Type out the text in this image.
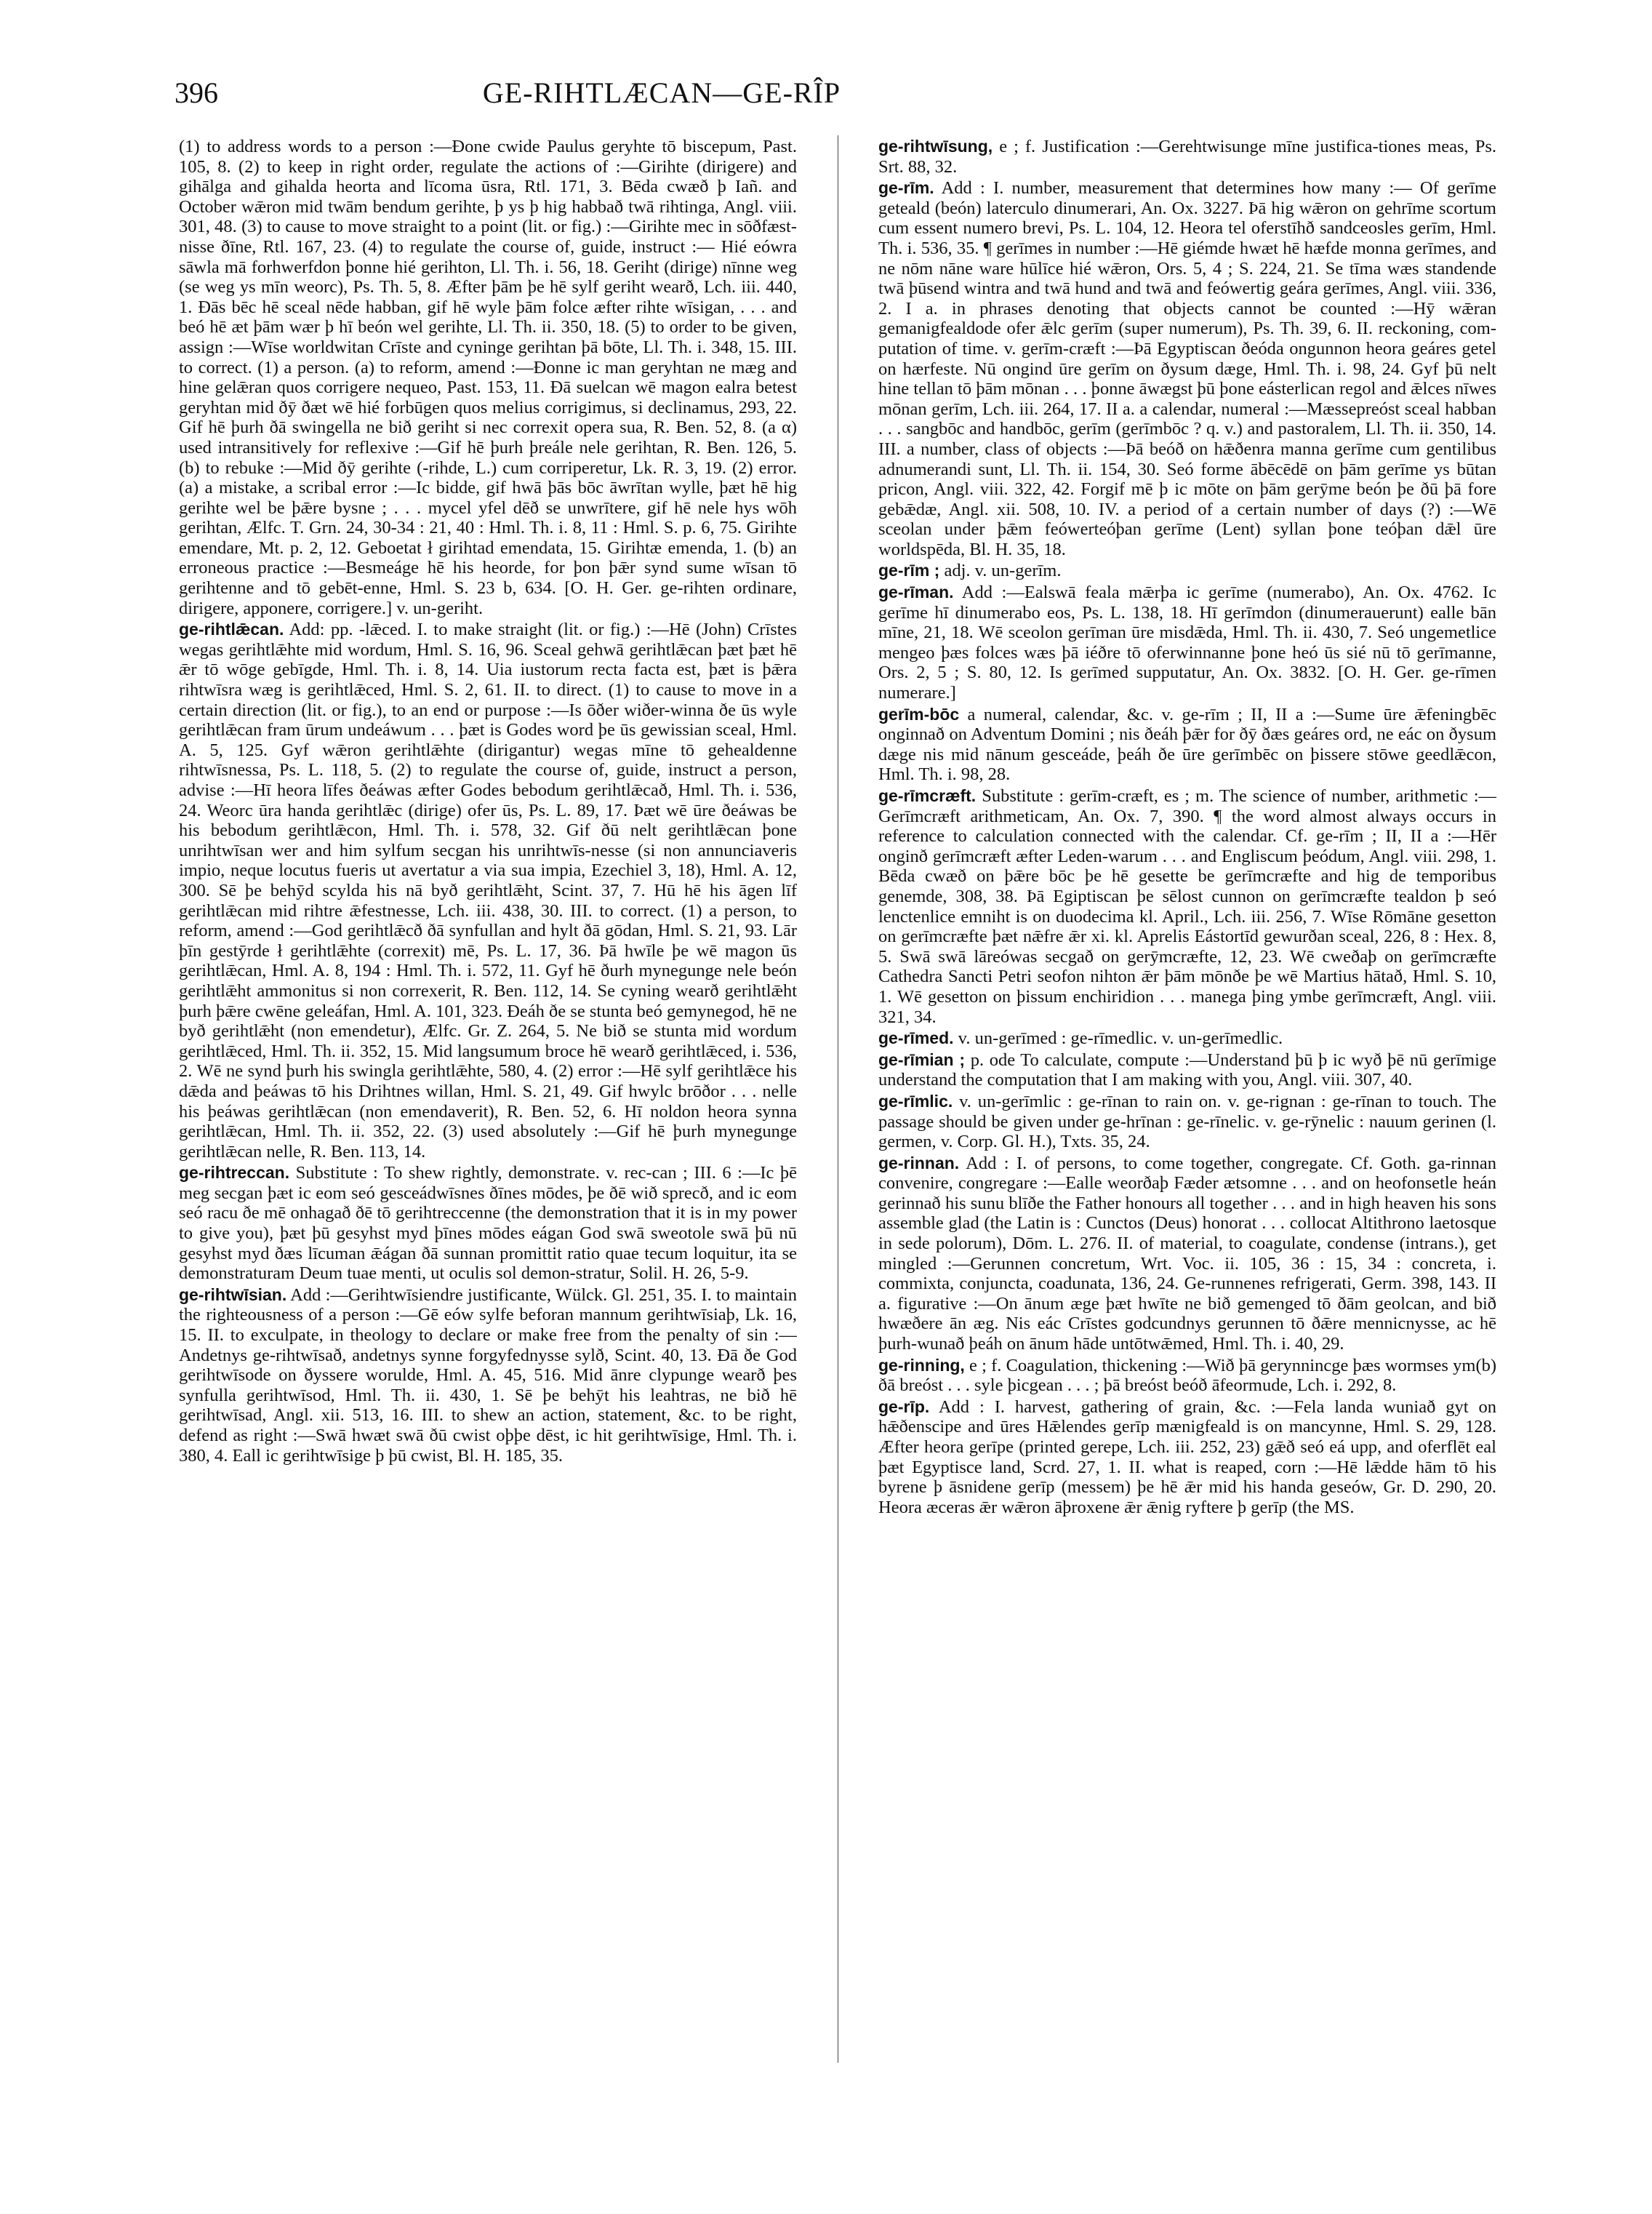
396	GE-RIHTLÆCAN—GE-RÎP

(1) to address words to a person :—Ðone cwide Paulus geryhte tō biscepum, Past. 105, 8. (2) to keep in right order, regulate the actions of :—Girihte (dirigere) and gihālga and gihalda heorta and līcoma ūsra, Rtl. 171, 3. Bēda cwæð þ Iañ. and October wǣron mid twām bendum gerihte, þ ys þ hig habbað twā rihtinga, Angl. viii. 301, 48. (3) to cause to move straight to a point (lit. or fig.) :—Girihte mec in sōðfæst-nisse ðīne, Rtl. 167, 23. (4) to regulate the course of, guide, instruct :— Hié eówra sāwla mā forhwerfdon þonne hié gerihton, Ll. Th. i. 56, 18. Geriht (dirige) nīnne weg (se weg ys mīn weorc), Ps. Th. 5, 8. Æfter þām þe hē sylf geriht wearð, Lch. iii. 440, 1. Ðās bēc hē sceal nēde habban, gif hē wyle þām folce æfter rihte wīsigan, . . . and beó hē æt þām wær þ hī beón wel gerihte, Ll. Th. ii. 350, 18. (5) to order to be given, assign :—Wīse worldwitan Crīste and cyninge gerihtan þā bōte, Ll. Th. i. 348, 15. III. to correct. (1) a person. (a) to reform, amend :—Ðonne ic man geryhtan ne mæg and hine gelǣran quos corrigere nequeo, Past. 153, 11. Ðā suelcan wē magon ealra betest geryhtan mid ðȳ ðæt wē hié forbūgen quos melius corrigimus, si declinamus, 293, 22. Gif hē þurh ðā swingella ne bið geriht si nec correxit opera sua, R. Ben. 52, 8. (a α) used intransitively for reflexive :—Gif hē þurh þreále nele gerihtan, R. Ben. 126, 5. (b) to rebuke :—Mid ðȳ gerihte (-rihde, L.) cum corriperetur, Lk. R. 3, 19. (2) error. (a) a mistake, a scribal error :—Ic bidde, gif hwā þās bōc āwrītan wylle, þæt hē hig gerihte wel be þǣre bysne ; . . . mycel yfel dēð se unwrītere, gif hē nele hys wōh gerihtan, Ælfc. T. Grn. 24, 30-34 : 21, 40 : Hml. Th. i. 8, 11 : Hml. S. p. 6, 75. Girihte emendare, Mt. p. 2, 12. Geboetat ł girihtad emendata, 15. Girihtæ emenda, 1. (b) an erroneous practice :—Besmeáge hē his heorde, for þon þǣr synd sume wīsan tō gerihtenne and tō gebēt-enne, Hml. S. 23 b, 634. [O. H. Ger. ge-rihten ordinare, dirigere, apponere, corrigere.] v. un-geriht.

ge-rihtlǣcan. Add: pp. -lǣced. I. to make straight (lit. or fig.) :—Hē (John) Crīstes wegas gerihtlǣhte mid wordum, Hml. S. 16, 96. Sceal gehwā gerihtlǣcan þæt þæt hē ǣr tō wōge gebīgde, Hml. Th. i. 8, 14. Uia iustorum recta facta est, þæt is þǣra rihtwīsra wæg is gerihtlǣced, Hml. S. 2, 61. II. to direct. (1) to cause to move in a certain direction (lit. or fig.), to an end or purpose :—Is ōðer wiðer-winna ðe ūs wyle gerihtlǣcan fram ūrum undeáwum . . . þæt is Godes word þe ūs gewissian sceal, Hml. A. 5, 125. Gyf wǣron gerihtlǣhte (dirigantur) wegas mīne tō gehealdenne rihtwīsnessa, Ps. L. 118, 5. (2) to regulate the course of, guide, instruct a person, advise :—Hī heora līfes ðeáwas æfter Godes bebodum gerihtlǣcað, Hml. Th. i. 536, 24. Weorc ūra handa gerihtlǣc (dirige) ofer ūs, Ps. L. 89, 17. Þæt wē ūre ðeáwas be his bebodum gerihtlǣcon, Hml. Th. i. 578, 32. Gif ðū nelt gerihtlǣcan þone unrihtwīsan wer and him sylfum secgan his unrihtwīs-nesse (si non annunciaveris impio, neque locutus fueris ut avertatur a via sua impia, Ezechiel 3, 18), Hml. A. 12, 300. Sē þe behȳd scylda his nā byð gerihtlǣht, Scint. 37, 7. Hū hē his āgen līf gerihtlǣcan mid rihtre ǣfestnesse, Lch. iii. 438, 30. III. to correct. (1) a person, to reform, amend :—God gerihtlǣcð ðā synfullan and hylt ðā gōdan, Hml. S. 21, 93. Lār þīn gestȳrde ł gerihtlǣhte (correxit) mē, Ps. L. 17, 36. Þā hwīle þe wē magon ūs gerihtlǣcan, Hml. A. 8, 194 : Hml. Th. i. 572, 11. Gyf hē ðurh mynegunge nele beón gerihtlǣht ammonitus si non correxerit, R. Ben. 112, 14. Se cyning wearð gerihtlǣht þurh þǣre cwēne geleáfan, Hml. A. 101, 323. Ðeáh ðe se stunta beó gemynegod, hē ne byð gerihtlǣht (non emendetur), Ælfc. Gr. Z. 264, 5. Ne bið se stunta mid wordum gerihtlǣced, Hml. Th. ii. 352, 15. Mid langsumum broce hē wearð gerihtlǣced, i. 536, 2. Wē ne synd þurh his swingla gerihtlǣhte, 580, 4. (2) error :—Hē sylf gerihtlǣce his dǣda and þeáwas tō his Drihtnes willan, Hml. S. 21, 49. Gif hwylc brōðor . . . nelle his þeáwas gerihtlǣcan (non emendaverit), R. Ben. 52, 6. Hī noldon heora synna gerihtlǣcan, Hml. Th. ii. 352, 22. (3) used absolutely :—Gif hē þurh mynegunge gerihtlǣcan nelle, R. Ben. 113, 14.

ge-rihtreccan. Substitute : To shew rightly, demonstrate. v. rec-can ; III. 6 :—Ic þē meg secgan þæt ic eom seó gesceádwīsnes ðīnes mōdes, þe ðē wið sprecð, and ic eom seó racu ðe mē onhagað ðē tō gerihtreccenne (the demonstration that it is in my power to give you), þæt þū gesyhst myd þīnes mōdes eágan God swā sweotole swā þū nū gesyhst myd ðæs līcuman ǣágan ðā sunnan promittit ratio quae tecum loquitur, ita se demonstraturam Deum tuae menti, ut oculis sol demon-stratur, Solil. H. 26, 5-9.

ge-rihtwīsian. Add :—Gerihtwīsiendre justificante, Wülck. Gl. 251, 35. I. to maintain the righteousness of a person :—Gē eów sylfe beforan mannum gerihtwīsiaþ, Lk. 16, 15. II. to exculpate, in theology to declare or make free from the penalty of sin :—Andetnys ge-rihtwīsað, andetnys synne forgyfednysse sylð, Scint. 40, 13. Ðā ðe God gerihtwīsode on ðyssere worulde, Hml. A. 45, 516. Mid ānre clypunge wearð þes synfulla gerihtwīsod, Hml. Th. ii. 430, 1. Sē þe behȳt his leahtras, ne bið hē gerihtwīsad, Angl. xii. 513, 16. III. to shew an action, statement, &c. to be right, defend as right :—Swā hwæt swā ðū cwist oþþe dēst, ic hit gerihtwīsige, Hml. Th. i. 380, 4. Eall ic gerihtwīsige þ þū cwist, Bl. H. 185, 35.

ge-rihtwīsung, e ; f. Justification :—Gerehtwisunge mīne justifica-tiones meas, Ps. Srt. 88, 32.

ge-rīm. Add : I. number, measurement that determines how many :— Of gerīme geteald (beón) laterculo dinumerari, An. Ox. 3227. Þā hig wǣron on gehrīme scortum cum essent numero brevi, Ps. L. 104, 12. Heora tel oferstīhð sandceosles gerīm, Hml. Th. i. 536, 35. ¶ gerīmes in number :—Hē giémde hwæt hē hæfde monna gerīmes, and ne nōm nāne ware hūlīce hié wǣron, Ors. 5, 4 ; S. 224, 21. Se tīma wæs standende twā þūsend wintra and twā hund and twā and feówertig geára gerīmes, Angl. viii. 336, 2. I a. in phrases denoting that objects cannot be counted :—Hȳ wǣran gemanigfealdode ofer ǣlc gerīm (super numerum), Ps. Th. 39, 6. II. reckoning, com-putation of time. v. gerīm-cræft :—Þā Egyptiscan ðeóda ongunnon heora geáres getel on hærfeste. Nū ongind ūre gerīm on ðysum dæge, Hml. Th. i. 98, 24. Gyf þū nelt hine tellan tō þām mōnan . . . þonne āwægst þū þone eásterlican regol and ǣlces nīwes mōnan gerīm, Lch. iii. 264, 17. II a. a calendar, numeral :—Mæssepreóst sceal habban . . . sangbōc and handbōc, gerīm (gerīmbōc ? q. v.) and pastoralem, Ll. Th. ii. 350, 14. III. a number, class of objects :—Þā beóð on hǣðenra manna gerīme cum gentilibus adnumerandi sunt, Ll. Th. ii. 154, 30. Seó forme ābēcēdē on þām gerīme ys būtan pricon, Angl. viii. 322, 42. Forgif mē þ ic mōte on þām gerȳme beón þe ðū þā fore gebǣdæ, Angl. xii. 508, 10. IV. a period of a certain number of days (?) :—Wē sceolan under þǣm feówerteóþan gerīme (Lent) syllan þone teóþan dǣl ūre worldspēda, Bl. H. 35, 18.

ge-rīm ; adj. v. un-gerīm.

ge-rīman. Add :—Ealswā feala mǣrþa ic gerīme (numerabo), An. Ox. 4762. Ic gerīme hī dinumerabo eos, Ps. L. 138, 18. Hī gerīmdon (dinumerauerunt) ealle bān mīne, 21, 18. Wē sceolon gerīman ūre misdǣda, Hml. Th. ii. 430, 7. Seó ungemetlice mengeo þæs folces wæs þā iéðre tō oferwinnanne þone heó ūs sié nū tō gerīmanne, Ors. 2, 5 ; S. 80, 12. Is gerīmed supputatur, An. Ox. 3832. [O. H. Ger. ge-rīmen numerare.]

gerīm-bōc a numeral, calendar, &c. v. ge-rīm ; II, II a :—Sume ūre ǣfeningbēc onginnað on Adventum Domini ; nis ðeáh þǣr for ðȳ ðæs geáres ord, ne eác on ðysum dæge nis mid nānum gesceáde, þeáh ðe ūre gerīmbēc on þissere stōwe geedlǣcon, Hml. Th. i. 98, 28.

ge-rīmcræft. Substitute : gerīm-cræft, es ; m. The science of number, arithmetic :—Gerīmcræft arithmeticam, An. Ox. 7, 390. ¶ the word almost always occurs in reference to calculation connected with the calendar. Cf. ge-rīm ; II, II a :—Hēr onginð gerīmcræft æfter Leden-warum . . . and Engliscum þeódum, Angl. viii. 298, 1. Bēda cwæð on þǣre bōc þe hē gesette be gerīmcræfte and hig de temporibus genemde, 308, 38. Þā Egiptiscan þe sēlost cunnon on gerīmcræfte tealdon þ seó lenctenlice emniht is on duodecima kl. April., Lch. iii. 256, 7. Wīse Rōmāne gesetton on gerīmcræfte þæt nǣfre ǣr xi. kl. Aprelis Eástortīd gewurðan sceal, 226, 8 : Hex. 8, 5. Swā swā lāreówas secgað on gerȳmcræfte, 12, 23. Wē cweðaþ on gerīmcræfte Cathedra Sancti Petri seofon nihton ǣr þām mōnðe þe wē Martius hātað, Hml. S. 10, 1. Wē gesetton on þissum enchiridion . . . manega þing ymbe gerīmcræft, Angl. viii. 321, 34.

ge-rīmed. v. un-gerīmed : ge-rīmedlic. v. un-gerīmedlic.

ge-rīmian ; p. ode To calculate, compute :—Understand þū þ ic wyð þē nū gerīmige understand the computation that I am making with you, Angl. viii. 307, 40.

ge-rīmlic. v. un-gerīmlic : ge-rīnan to rain on. v. ge-rignan : ge-rīnan to touch. The passage should be given under ge-hrīnan : ge-rīnelic. v. ge-rȳnelic : nauum gerinen (l. germen, v. Corp. Gl. H.), Txts. 35, 24.

ge-rinnan. Add : I. of persons, to come together, congregate. Cf. Goth. ga-rinnan convenire, congregare :—Ealle weorðaþ Fæder ætsomne . . . and on heofonsetle heán gerinnað his sunu blīðe the Father honours all together . . . and in high heaven his sons assemble glad (the Latin is : Cunctos (Deus) honorat . . . collocat Altithrono laetosque in sede polorum), Dōm. L. 276. II. of material, to coagulate, condense (intrans.), get mingled :—Gerunnen concretum, Wrt. Voc. ii. 105, 36 : 15, 34 : concreta, i. commixta, conjuncta, coadunata, 136, 24. Ge-runnenes refrigerati, Germ. 398, 143. II a. figurative :—On ānum æge þæt hwīte ne bið gemenged tō ðām geolcan, and bið hwæðere ān æg. Nis eác Crīstes godcundnys gerunnen tō ðǣre mennicnysse, ac hē þurh-wunað þeáh on ānum hāde untōtwǣmed, Hml. Th. i. 40, 29.

ge-rinning, e ; f. Coagulation, thickening :—Wið þā gerynnincge þæs wormses ym(b) ðā breóst . . . syle þicgean . . . ; þā breóst beóð āfeormude, Lch. i. 292, 8.

ge-rīp. Add : I. harvest, gathering of grain, &c. :—Fela landa wuniað gyt on hǣðenscipe and ūres Hǣlendes gerīp mænigfeald is on mancynne, Hml. S. 29, 128. Æfter heora gerīpe (printed gerepe, Lch. iii. 252, 23) gǣð seó eá upp, and oferflēt eal þæt Egyptisce land, Scrd. 27, 1. II. what is reaped, corn :—Hē lǣdde hām tō his byrene þ āsnidene gerīp (messem) þe hē ǣr mid his handa geseów, Gr. D. 290, 20. Heora æceras ǣr wǣron āþroxene ǣr ǣnig ryftere þ gerīp (the MS.
